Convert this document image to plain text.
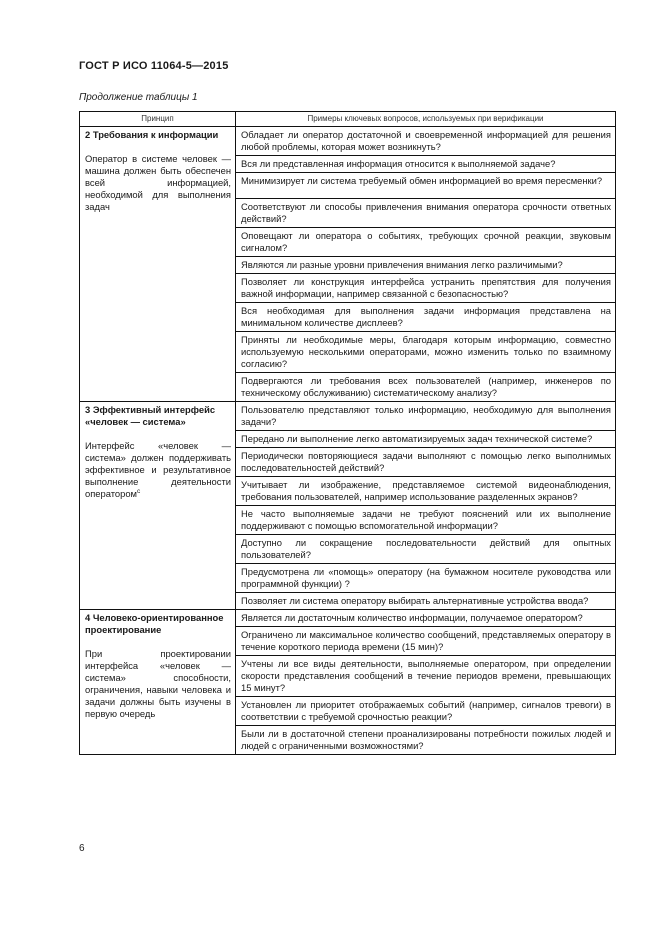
ГОСТ Р ИСО 11064-5—2015
Продолжение таблицы 1
Принцип	Примеры ключевых вопросов, используемых при верификации

2 Требования к информации
Оператор в системе человек — машина должен быть обеспечен всей информацией, необходимой для выполнения задач	Обладает ли оператор достаточной и своевременной информацией для решения любой проблемы, которая может возникнуть?
	Вся ли представленная информация относится к выполняемой задаче?
	Минимизирует ли система требуемый обмен информацией во время пересменки?
	Соответствуют ли способы привлечения внимания оператора срочности ответных действий?
	Оповещают ли оператора о событиях, требующих срочной реакции, звуковым сигналом?
	Являются ли разные уровни привлечения внимания легко различимыми?
	Позволяет ли конструкция интерфейса устранить препятствия для получения важной информации, например связанной с безопасностью?
	Вся необходимая для выполнения задачи информация представлена на минимальном количестве дисплеев?
	Приняты ли необходимые меры, благодаря которым информацию, совместно используемую несколькими операторами, можно изменить только по взаимному согласию?
	Подвергаются ли требования всех пользователей (например, инженеров по техническому обслуживанию) систематическому анализу?

3 Эффективный интерфейс «человек — система»
Интерфейс «человек — система» должен поддерживать эффективное и результативное выполнение деятельности оператором$^с$	Пользователю представляют только информацию, необходимую для выполнения задачи?
	Передано ли выполнение легко автоматизируемых задач технической системе?
	Периодически повторяющиеся задачи выполняют с помощью легко выполнимых последовательностей действий?
	Учитывает ли изображение, представляемое системой видеонаблюдения, требования пользователей, например использование разделенных экранов?
	Не часто выполняемые задачи не требуют пояснений или их выполнение поддерживают с помощью вспомогательной информации?
	Доступно ли сокращение последовательности действий для опытных пользователей?
	Предусмотрена ли «помощь» оператору (на бумажном носителе руководства или программной функции) ?
	Позволяет ли система оператору выбирать альтернативные устройства ввода?

4 Человеко-ориентированное проектирование
При проектировании интерфейса «человек — система» способности, ограничения, навыки человека и задачи должны быть изучены в первую очередь	Является ли достаточным количество информации, получаемое оператором?
	Ограничено ли максимальное количество сообщений, представляемых оператору в течение короткого периода времени (15 мин)?
	Учтены ли все виды деятельности, выполняемые оператором, при определении скорости представления сообщений в течение периодов времени, превышающих 15 минут?
	Установлен ли приоритет отображаемых событий (например, сигналов тревоги) в соответствии с требуемой срочностью реакции?
	Были ли в достаточной степени проанализированы потребности пожилых людей и людей с ограниченными возможностями?
6
